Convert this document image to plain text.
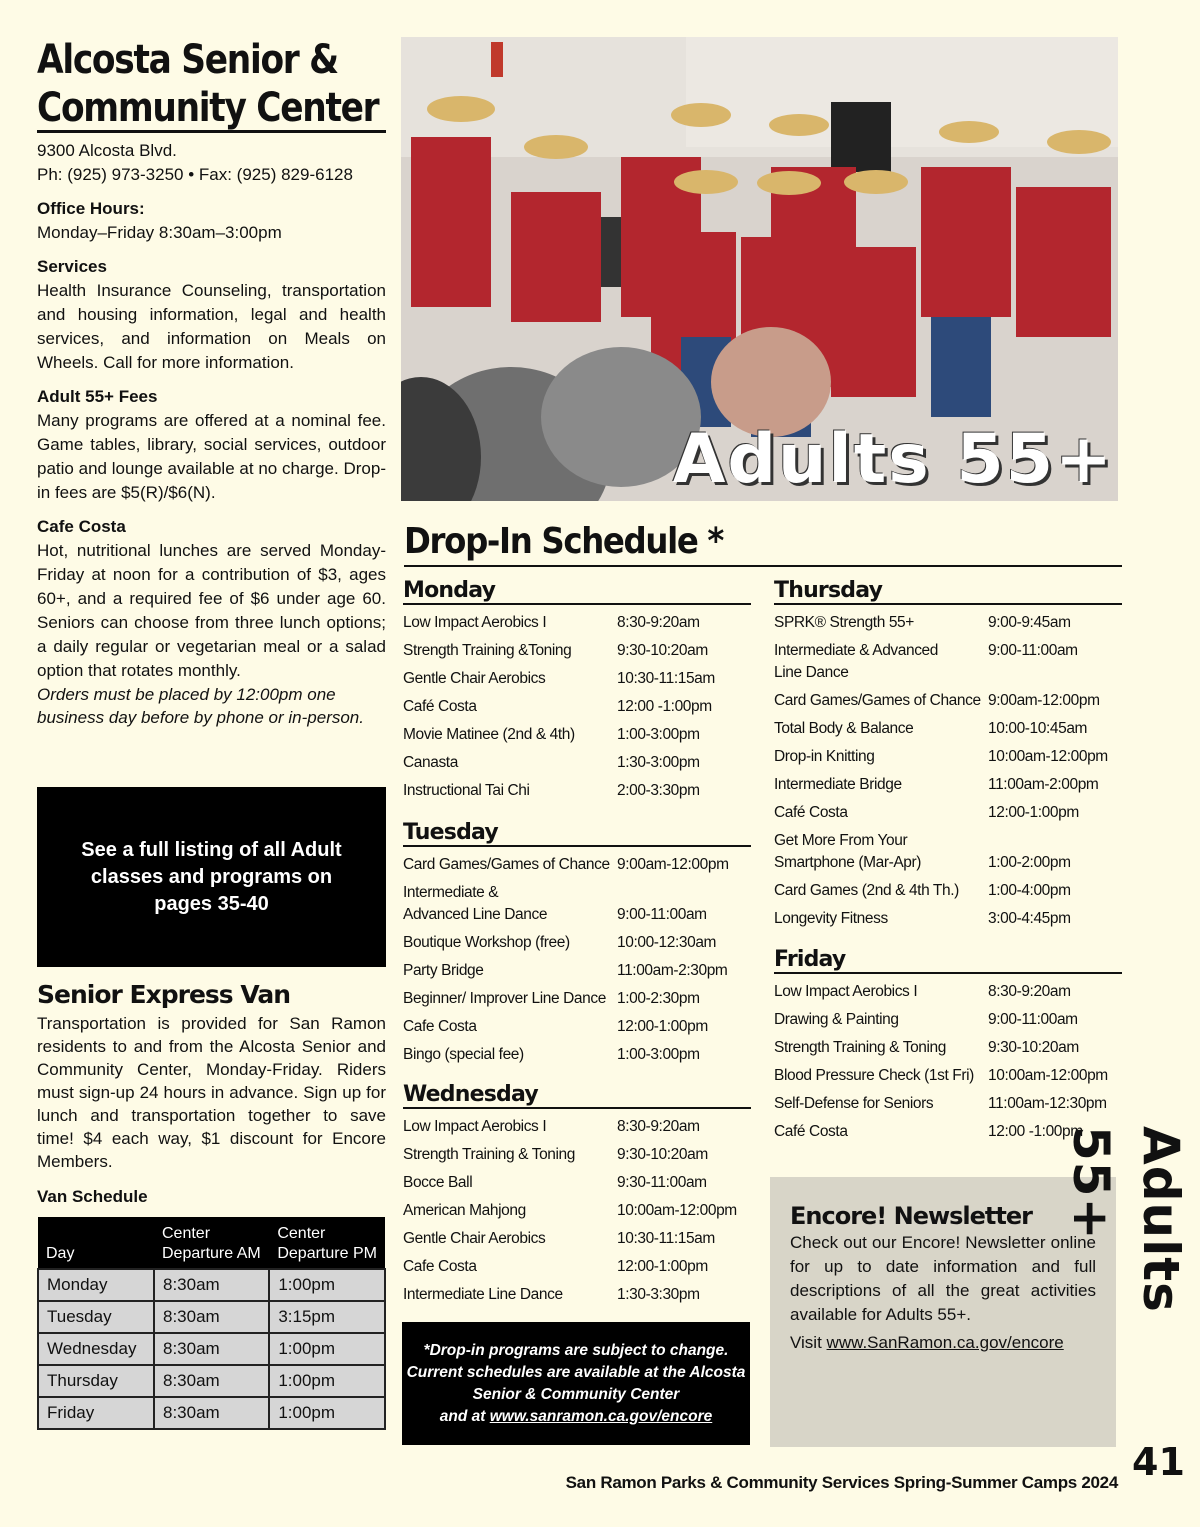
Alcosta Senior &
Community Center
9300 Alcosta Blvd.
Ph: (925) 973-3250 • Fax: (925) 829-6128
Office Hours:
Monday–Friday 8:30am–3:00pm
Services
Health Insurance Counseling, transportation and housing information, legal and health services, and information on Meals on Wheels. Call for more information.
Adult 55+ Fees
Many programs are offered at a nominal fee. Game tables, library, social services, outdoor patio and lounge available at no charge. Drop-in fees are $5(R)/$6(N).
Cafe Costa
Hot, nutritional lunches are served Monday-Friday at noon for a contribution of $3, ages 60+, and a required fee of $6 under age 60. Seniors can choose from three lunch options; a daily regular or vegetarian meal or a salad option that rotates monthly.
Orders must be placed by 12:00pm one business day before by phone or in-person.
See a full listing of all Adult classes and programs on pages 35-40
Senior Express Van
Transportation is provided for San Ramon residents to and from the Alcosta Senior and Community Center, Monday-Friday. Riders must sign-up 24 hours in advance. Sign up for lunch and transportation together to save time! $4 each way, $1 discount for Encore Members.
Van Schedule
Day	Center Departure AM	Center Departure PM
Monday	8:30am	1:00pm
Tuesday	8:30am	3:15pm
Wednesday	8:30am	1:00pm
Thursday	8:30am	1:00pm
Friday	8:30am	1:00pm
Adults 55+
Drop-In Schedule *
Monday
Low Impact Aerobics I	8:30-9:20am
Strength Training &Toning	9:30-10:20am
Gentle Chair Aerobics	10:30-11:15am
Café Costa	12:00 -1:00pm
Movie Matinee (2nd & 4th)	1:00-3:00pm
Canasta	1:30-3:00pm
Instructional Tai Chi	2:00-3:30pm
Tuesday
Card Games/Games of Chance 9:00am-12:00pm
Intermediate &
Advanced Line Dance	9:00-11:00am
Boutique Workshop (free)	10:00-12:30am
Party Bridge	11:00am-2:30pm
Beginner/ Improver Line Dance 1:00-2:30pm
Cafe Costa	12:00-1:00pm
Bingo (special fee)	1:00-3:00pm
Wednesday
Low Impact Aerobics I	8:30-9:20am
Strength Training & Toning	9:30-10:20am
Bocce Ball	9:30-11:00am
American Mahjong	10:00am-12:00pm
Gentle Chair Aerobics	10:30-11:15am
Cafe Costa	12:00-1:00pm
Intermediate Line Dance	1:30-3:30pm
Thursday
SPRK® Strength 55+	9:00-9:45am
Intermediate & Advanced
Line Dance
9:00-11:00am
Card Games/Games of Chance 9:00am-12:00pm
Total Body & Balance	10:00-10:45am
Drop-in Knitting	10:00am-12:00pm
Intermediate Bridge	11:00am-2:00pm
Café Costa	12:00-1:00pm
Get More From Your
Smartphone (Mar-Apr)	1:00-2:00pm
Card Games (2nd & 4th Th.)	1:00-4:00pm
Longevity Fitness	3:00-4:45pm
Friday
Low Impact Aerobics I	8:30-9:20am
Drawing & Painting	9:00-11:00am
Strength Training & Toning	9:30-10:20am
Blood Pressure Check (1st Fri) 10:00am-12:00pm
Self-Defense for Seniors	11:00am-12:30pm
Café Costa	12:00 -1:00pm
*Drop-in programs are subject to change.
Current schedules are available at the Alcosta
Senior & Community Center
and at www.sanramon.ca.gov/encore
Encore! Newsletter
Check out our Encore! Newsletter online for up to date information and full descriptions of all the great activities available for Adults 55+.
Visit www.SanRamon.ca.gov/encore
Adults 55+
41
San Ramon Parks & Community Services Spring-Summer Camps 2024
